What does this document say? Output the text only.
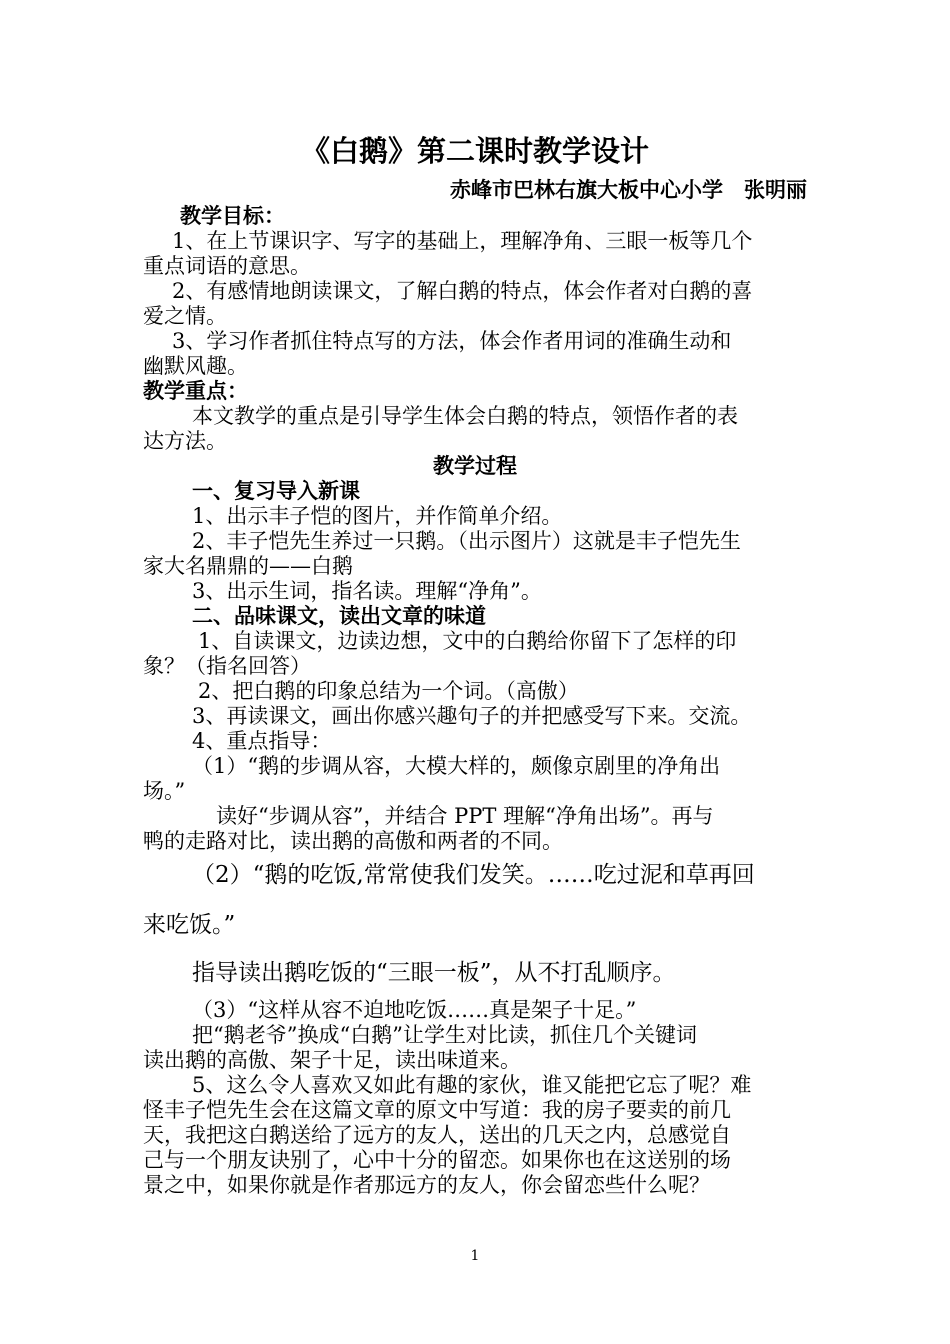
《白鹅》第二课时教学设计
赤峰市巴林右旗大板中心小学　张明丽
教学目标：
1、在上节课识字、写字的基础上，理解净角、三眼一板等几个
重点词语的意思。
2、有感情地朗读课文，了解白鹅的特点，体会作者对白鹅的喜
爱之情。
3、学习作者抓住特点写的方法，体会作者用词的准确生动和
幽默风趣。
教学重点：
本文教学的重点是引导学生体会白鹅的特点，领悟作者的表
达方法。
教学过程
一、复习导入新课
1、出示丰子恺的图片，并作简单介绍。
2、丰子恺先生养过一只鹅。（出示图片）这就是丰子恺先生
家大名鼎鼎的——白鹅
3、出示生词，指名读。理解“净角”。
二、品味课文，读出文章的味道
1、自读课文，边读边想，文中的白鹅给你留下了怎样的印
象？（指名回答）
2、把白鹅的印象总结为一个词。（高傲）
3、再读课文，画出你感兴趣句子的并把感受写下来。交流。
4、重点指导：
（1）“鹅的步调从容，大模大样的，颇像京剧里的净角出
场。”
读好“步调从容”，并结合 PPT 理解“净角出场”。再与
鸭的走路对比，读出鹅的高傲和两者的不同。
（2）“鹅的吃饭,常常使我们发笑。……吃过泥和草再回
来吃饭。”
指导读出鹅吃饭的“三眼一板”，从不打乱顺序。
（3）“这样从容不迫地吃饭……真是架子十足。”
把“鹅老爷”换成“白鹅”让学生对比读，抓住几个关键词
读出鹅的高傲、架子十足，读出味道来。
5、这么令人喜欢又如此有趣的家伙，谁又能把它忘了呢？难
怪丰子恺先生会在这篇文章的原文中写道：我的房子要卖的前几
天，我把这白鹅送给了远方的友人，送出的几天之内，总感觉自
己与一个朋友诀别了，心中十分的留恋。如果你也在这送别的场
景之中，如果你就是作者那远方的友人，你会留恋些什么呢？
1
